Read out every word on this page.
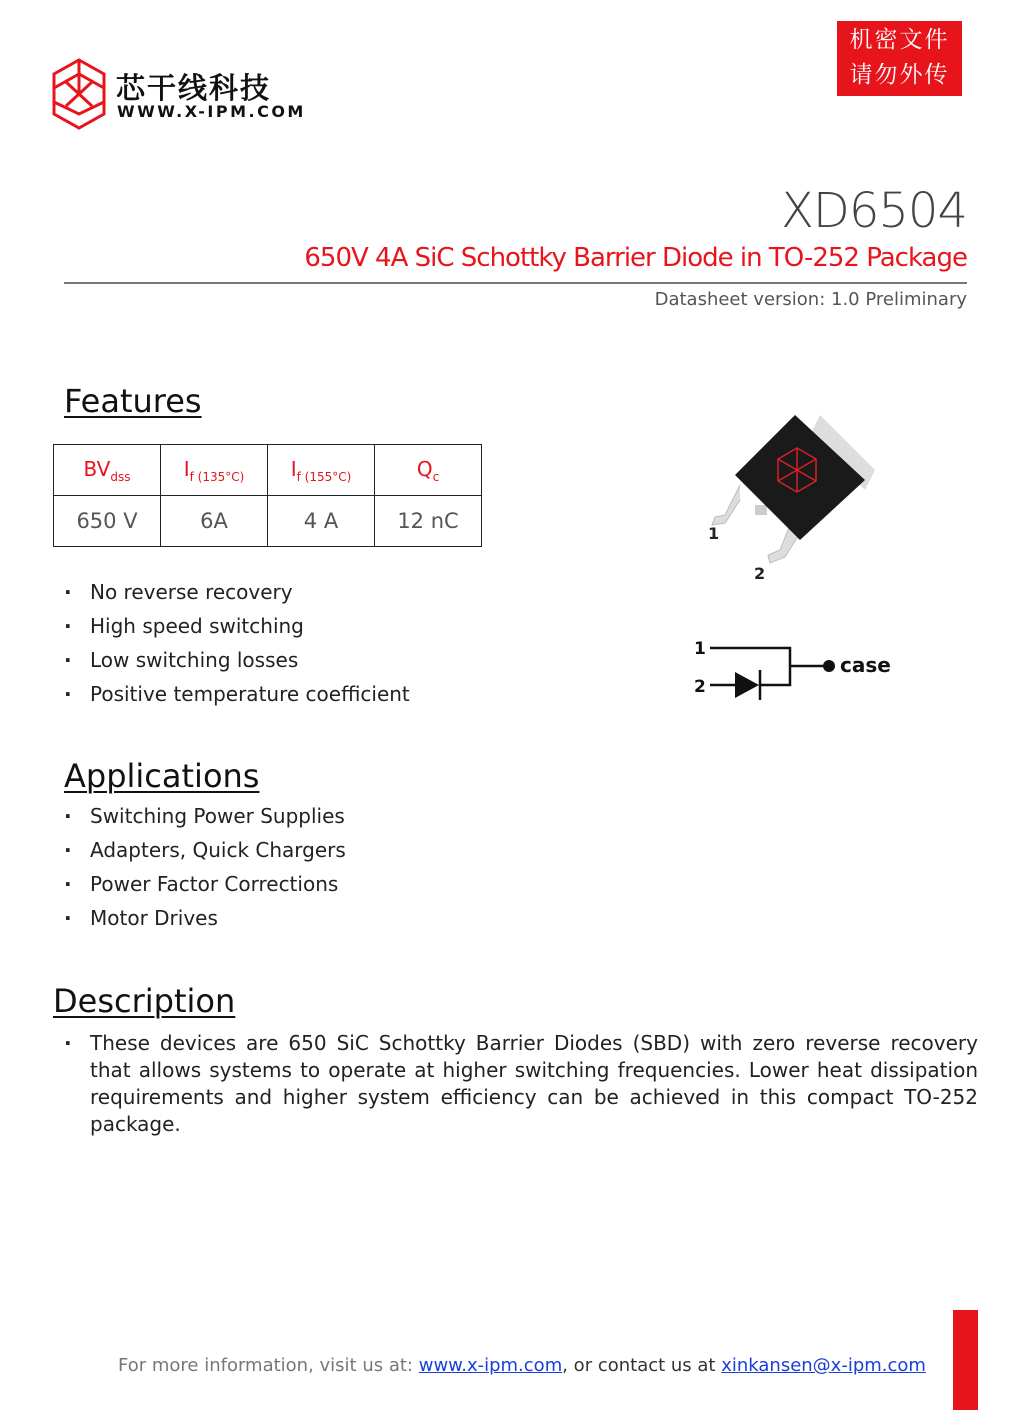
芯干线科技
WWW.X-IPM.COM
机密文件
请勿外传
XD6504
650V 4A SiC Schottky Barrier Diode in TO-252 Package
Datasheet version: 1.0 Preliminary
Features
$BV_{dss}$	$I_{f (135^\circ C)}$	$I_{f (155^\circ C)}$	$Q_c$
650 V	6A	4 A	12 nC
· No reverse recovery
· High speed switching
· Low switching losses
· Positive temperature coefficient
1
2
1
2
case
Applications
· Switching Power Supplies
· Adapters, Quick Chargers
· Power Factor Corrections
· Motor Drives
Description
· These devices are 650 SiC Schottky Barrier Diodes (SBD) with zero reverse recovery that allows systems to operate at higher switching frequencies. Lower heat dissipation requirements and higher system efficiency can be achieved in this compact TO-252 package.
For more information, visit us at: www.x-ipm.com, or contact us at xinkansen@x-ipm.com
